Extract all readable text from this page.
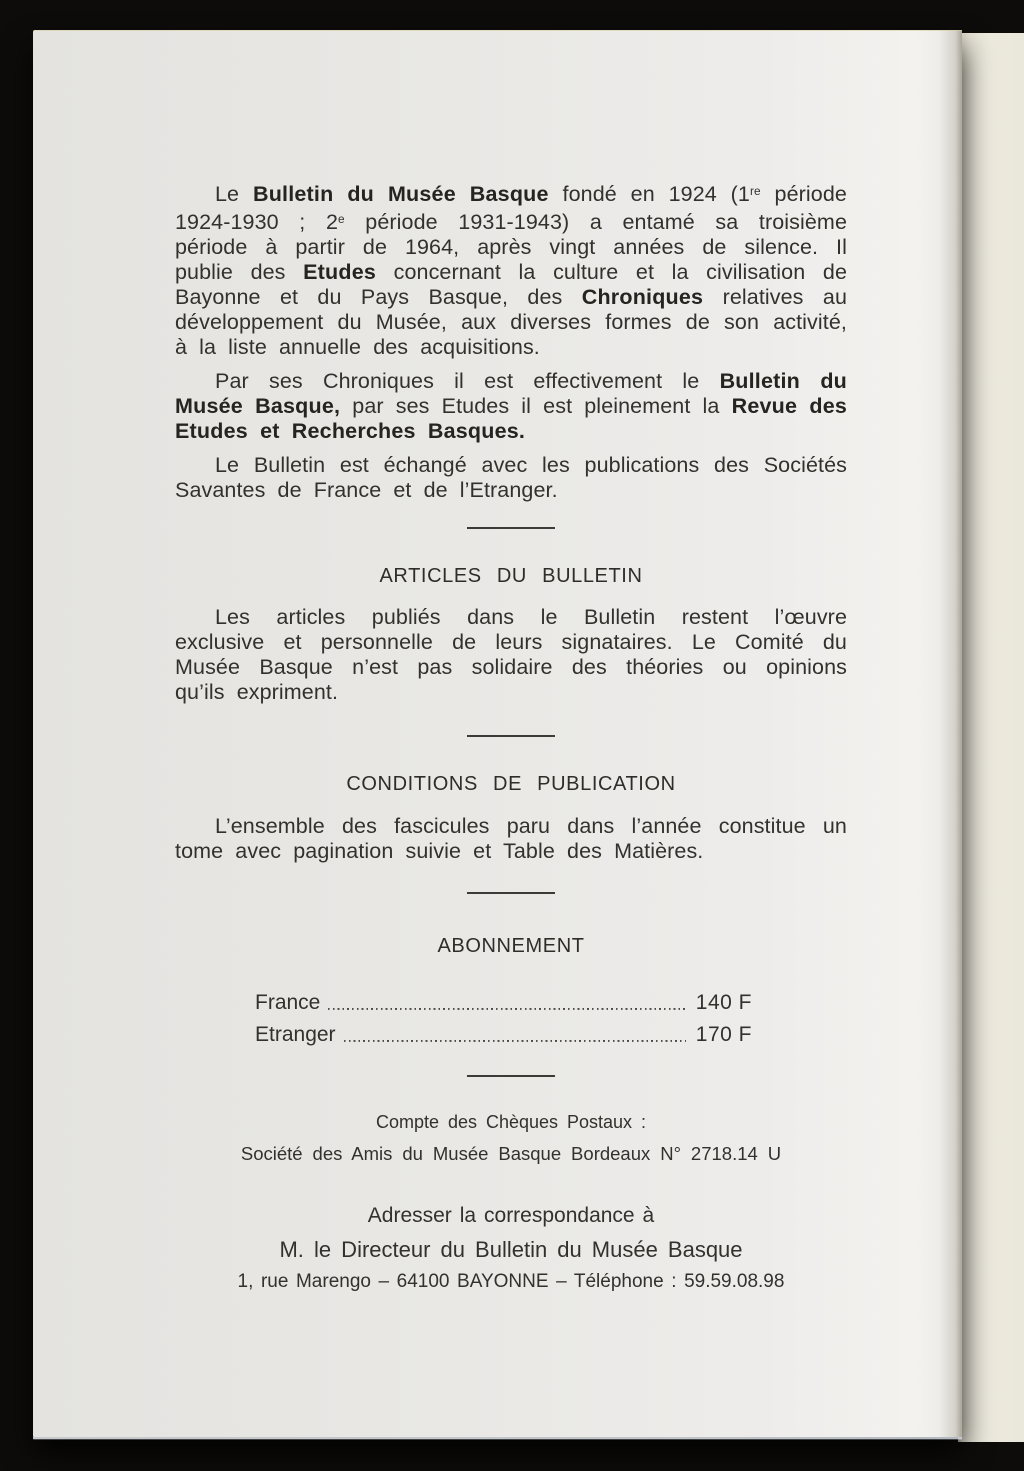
Le Bulletin du Musée Basque fondé en 1924 (1re période 1924-1930 ; 2e période 1931-1943) a entamé sa troisième période à partir de 1964, après vingt années de silence. Il publie des Etudes concernant la culture et la civilisation de Bayonne et du Pays Basque, des Chroniques relatives au développement du Musée, aux diverses formes de son activité, à la liste annuelle des acquisitions.

Par ses Chroniques il est effectivement le Bulletin du Musée Basque, par ses Etudes il est pleinement la Revue des Etudes et Recherches Basques.

Le Bulletin est échangé avec les publications des Sociétés Savantes de France et de l’Etranger.

ARTICLES DU BULLETIN

Les articles publiés dans le Bulletin restent l’œuvre exclusive et personnelle de leurs signataires. Le Comité du Musée Basque n’est pas solidaire des théories ou opinions qu’ils expriment.

CONDITIONS DE PUBLICATION

L’ensemble des fascicules paru dans l’année constitue un tome avec pagination suivie et Table des Matières.

ABONNEMENT
France	140 F
Etranger	170 F

Compte des Chèques Postaux :

Société des Amis du Musée Basque Bordeaux N° 2718.14 U

Adresser la correspondance à

M. le Directeur du Bulletin du Musée Basque

1, rue Marengo – 64100 BAYONNE – Téléphone : 59.59.08.98
